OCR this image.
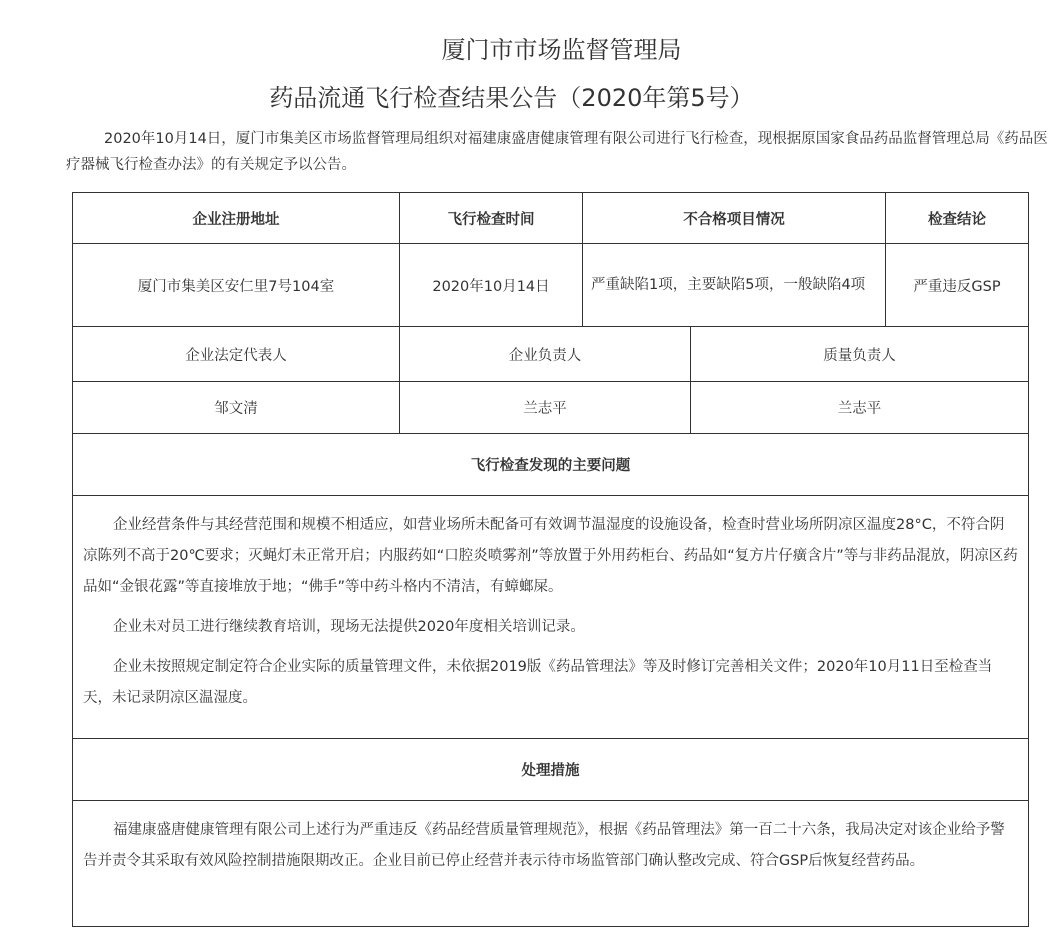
厦门市市场监督管理局
药品流通飞行检查结果公告（2020年第5号）
2020年10月14日，厦门市集美区市场监督管理局组织对福建康盛唐健康管理有限公司进行飞行检查，现根据原国家食品药品监督管理总局《药品医疗器械飞行检查办法》的有关规定予以公告。
企业注册地址	飞行检查时间	不合格项目情况	检查结论
厦门市集美区安仁里7号104室	2020年10月14日	严重缺陷1项，主要缺陷5项，一般缺陷4项	严重违反GSP
企业法定代表人	企业负责人	质量负责人
邹文清	兰志平	兰志平
飞行检查发现的主要问题

企业经营条件与其经营范围和规模不相适应，如营业场所未配备可有效调节温湿度的设施设备，检查时营业场所阴凉区温度28°C，不符合阴凉陈列不高于20℃要求；灭蝇灯未正常开启；内服药如“口腔炎喷雾剂”等放置于外用药柜台、药品如“复方片仔癀含片”等与非药品混放，阴凉区药品如“金银花露”等直接堆放于地；“佛手”等中药斗格内不清洁，有蟑螂屎。

企业未对员工进行继续教育培训，现场无法提供2020年度相关培训记录。

企业未按照规定制定符合企业实际的质量管理文件，未依据2019版《药品管理法》等及时修订完善相关文件；2020年10月11日至检查当天，未记录阴凉区温湿度。

处理措施

福建康盛唐健康管理有限公司上述行为严重违反《药品经营质量管理规范》，根据《药品管理法》第一百二十六条，我局决定对该企业给予警告并责令其采取有效风险控制措施限期改正。企业目前已停止经营并表示待市场监管部门确认整改完成、符合GSP后恢复经营药品。
